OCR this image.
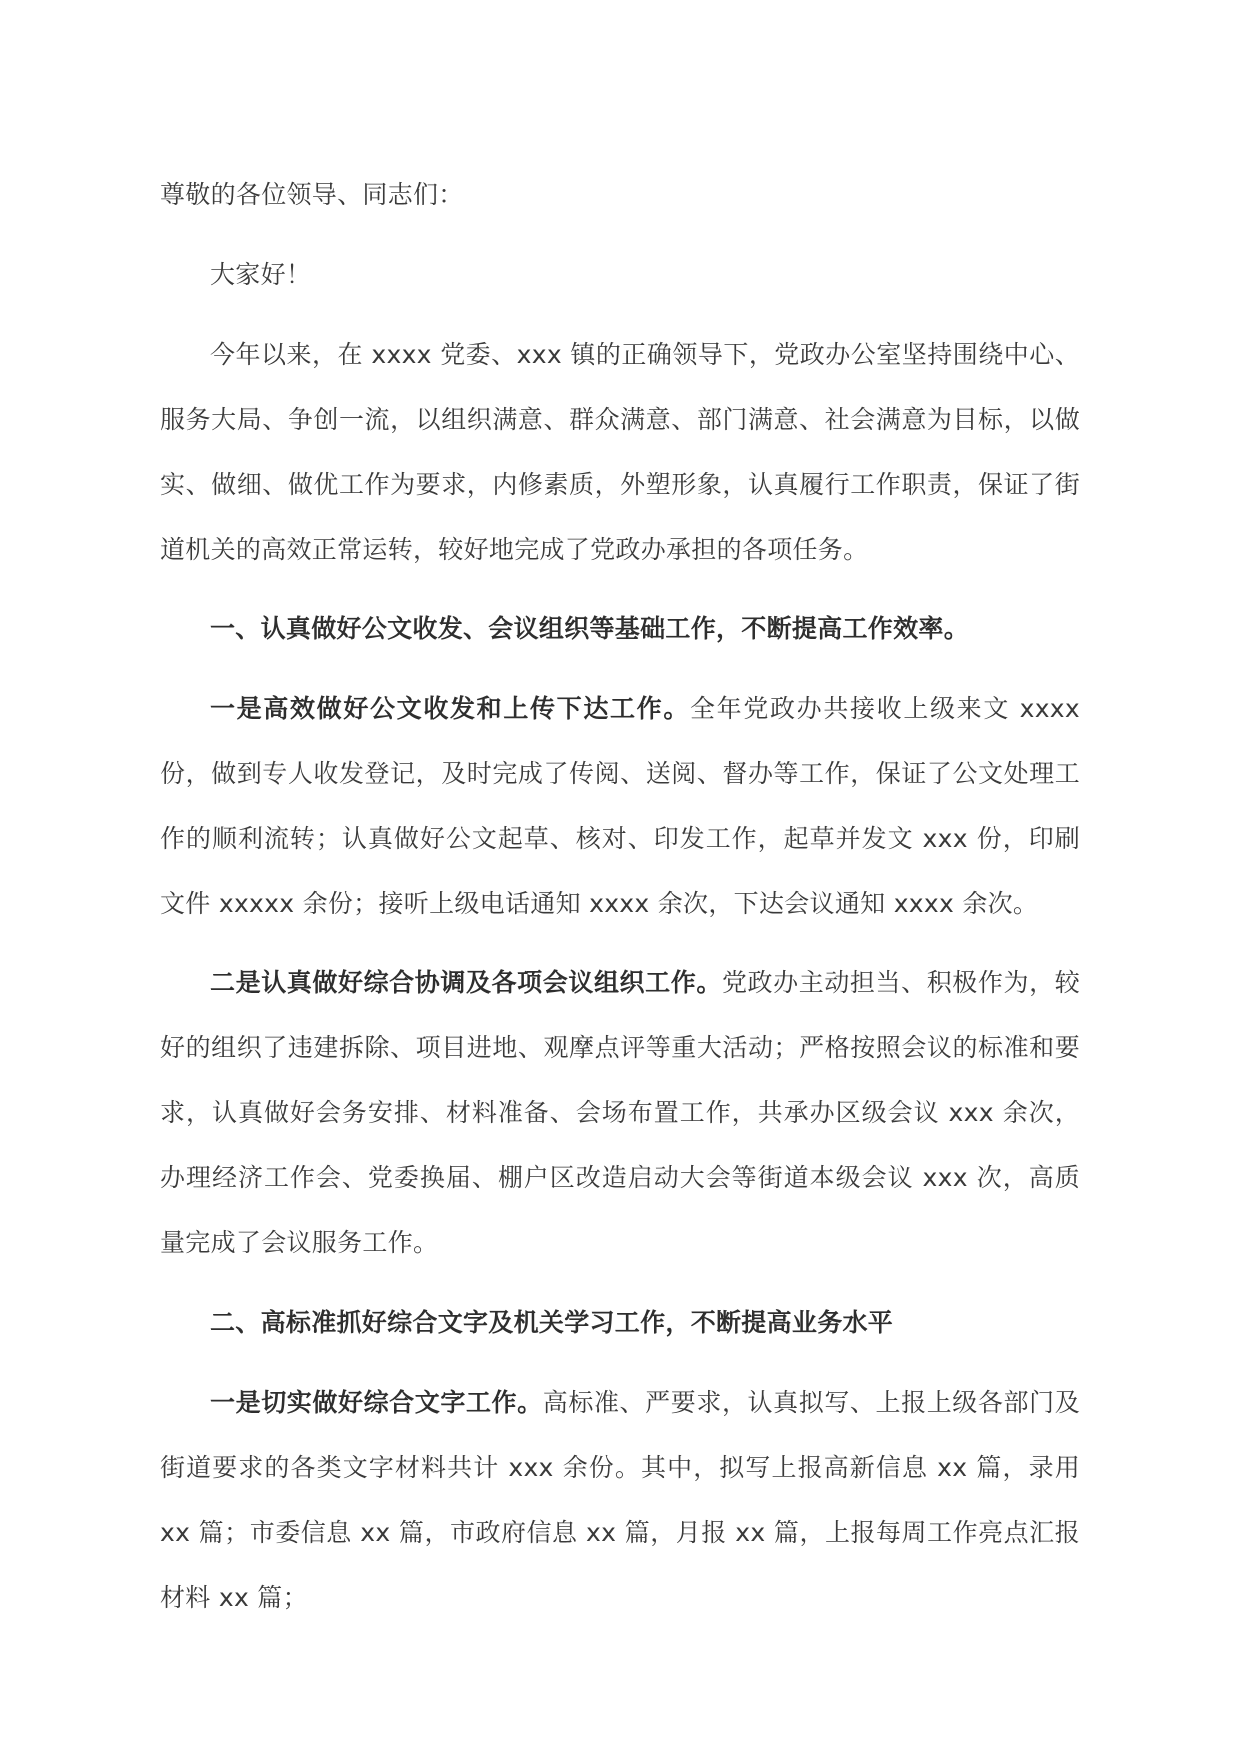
尊敬的各位领导、同志们：

大家好！

今年以来，在 xxxx 党委、xxx 镇的正确领导下，党政办公室坚持围绕中心、服务大局、争创一流，以组织满意、群众满意、部门满意、社会满意为目标，以做实、做细、做优工作为要求，内修素质，外塑形象，认真履行工作职责，保证了街道机关的高效正常运转，较好地完成了党政办承担的各项任务。

一、认真做好公文收发、会议组织等基础工作，不断提高工作效率。

一是高效做好公文收发和上传下达工作。全年党政办共接收上级来文 xxxx 份，做到专人收发登记，及时完成了传阅、送阅、督办等工作，保证了公文处理工作的顺利流转；认真做好公文起草、核对、印发工作，起草并发文 xxx 份，印刷文件 xxxxx 余份；接听上级电话通知 xxxx 余次，下达会议通知 xxxx 余次。

二是认真做好综合协调及各项会议组织工作。党政办主动担当、积极作为，较好的组织了违建拆除、项目进地、观摩点评等重大活动；严格按照会议的标准和要求，认真做好会务安排、材料准备、会场布置工作，共承办区级会议 xxx 余次，办理经济工作会、党委换届、棚户区改造启动大会等街道本级会议 xxx 次，高质量完成了会议服务工作。

二、高标准抓好综合文字及机关学习工作，不断提高业务水平

一是切实做好综合文字工作。高标准、严要求，认真拟写、上报上级各部门及街道要求的各类文字材料共计 xxx 余份。其中，拟写上报高新信息 xx 篇，录用 xx 篇；市委信息 xx 篇，市政府信息 xx 篇，月报 xx 篇，上报每周工作亮点汇报材料 xx 篇；
